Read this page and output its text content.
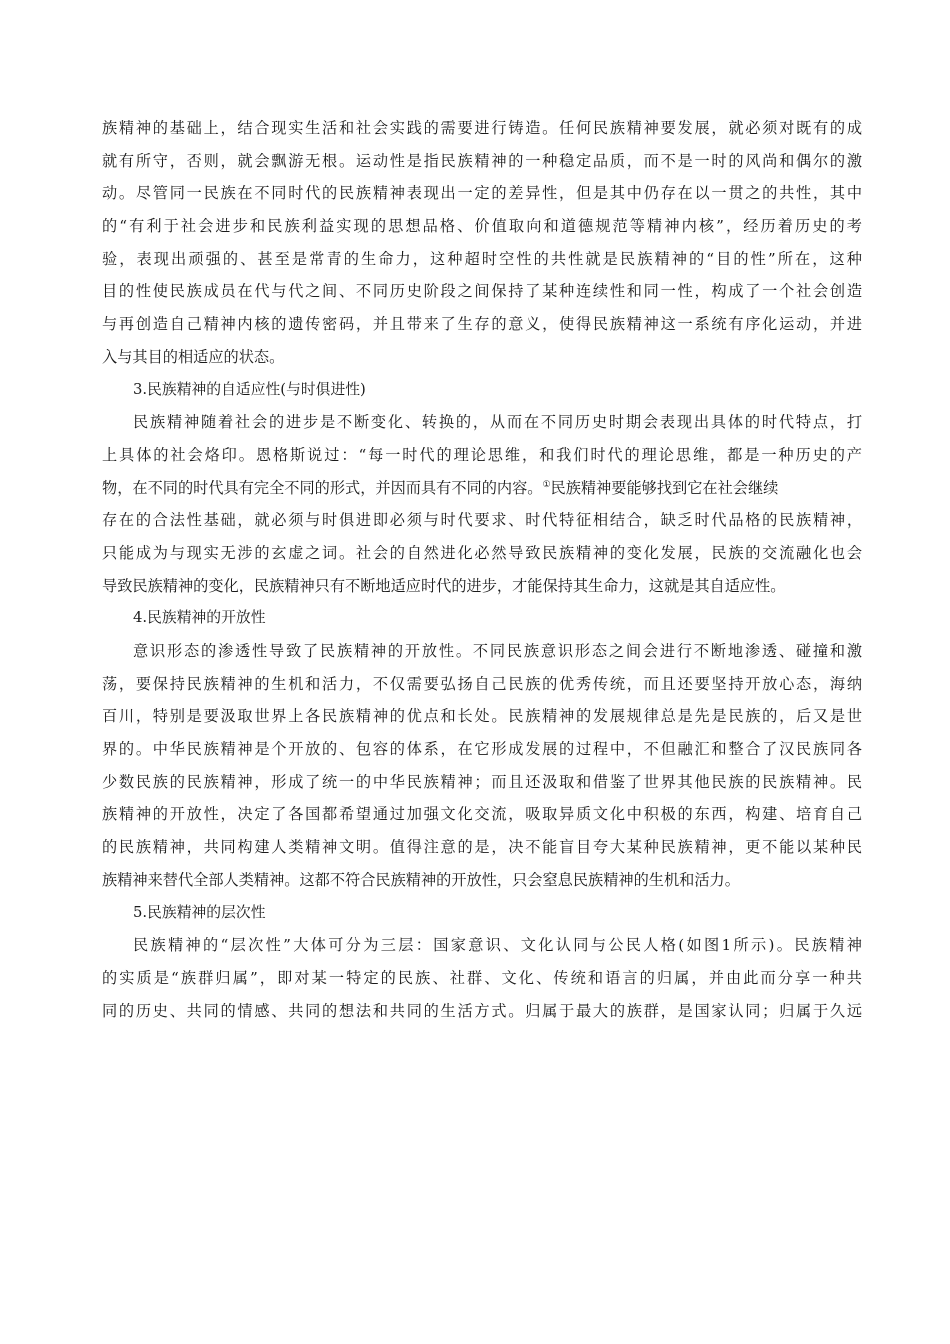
族精神的基础上，结合现实生活和社会实践的需要进行铸造。任何民族精神要发展，就必须对既有的成
就有所守，否则，就会飘游无根。运动性是指民族精神的一种稳定品质，而不是一时的风尚和偶尔的激
动。尽管同一民族在不同时代的民族精神表现出一定的差异性，但是其中仍存在以一贯之的共性，其中
的“有利于社会进步和民族利益实现的思想品格、价值取向和道德规范等精神内核”，经历着历史的考
验，表现出顽强的、甚至是常青的生命力，这种超时空性的共性就是民族精神的“目的性”所在，这种
目的性使民族成员在代与代之间、不同历史阶段之间保持了某种连续性和同一性，构成了一个社会创造
与再创造自己精神内核的遗传密码，并且带来了生存的意义，使得民族精神这一系统有序化运动，并进
入与其目的相适应的状态。
3.民族精神的自适应性(与时俱进性)
民族精神随着社会的进步是不断变化、转换的，从而在不同历史时期会表现出具体的时代特点，打
上具体的社会烙印。恩格斯说过：“每一时代的理论思维，和我们时代的理论思维，都是一种历史的产
物，在不同的时代具有完全不同的形式，并因而具有不同的内容。①民族精神要能够找到它在社会继续
存在的合法性基础，就必须与时俱进即必须与时代要求、时代特征相结合，缺乏时代品格的民族精神，
只能成为与现实无涉的玄虚之词。社会的自然进化必然导致民族精神的变化发展，民族的交流融化也会
导致民族精神的变化，民族精神只有不断地适应时代的进步，才能保持其生命力，这就是其自适应性。
4.民族精神的开放性
意识形态的渗透性导致了民族精神的开放性。不同民族意识形态之间会进行不断地渗透、碰撞和激
荡，要保持民族精神的生机和活力，不仅需要弘扬自己民族的优秀传统，而且还要坚持开放心态，海纳
百川，特别是要汲取世界上各民族精神的优点和长处。民族精神的发展规律总是先是民族的，后又是世
界的。中华民族精神是个开放的、包容的体系，在它形成发展的过程中，不但融汇和整合了汉民族同各
少数民族的民族精神，形成了统一的中华民族精神；而且还汲取和借鉴了世界其他民族的民族精神。民
族精神的开放性，决定了各国都希望通过加强文化交流，吸取异质文化中积极的东西，构建、培育自己
的民族精神，共同构建人类精神文明。值得注意的是，决不能盲目夸大某种民族精神，更不能以某种民
族精神来替代全部人类精神。这都不符合民族精神的开放性，只会窒息民族精神的生机和活力。
5.民族精神的层次性
民族精神的“层次性”大体可分为三层：国家意识、文化认同与公民人格(如图1所示)。民族精神
的实质是“族群归属”，即对某一特定的民族、社群、文化、传统和语言的归属，并由此而分享一种共
同的历史、共同的情感、共同的想法和共同的生活方式。归属于最大的族群，是国家认同；归属于久远
